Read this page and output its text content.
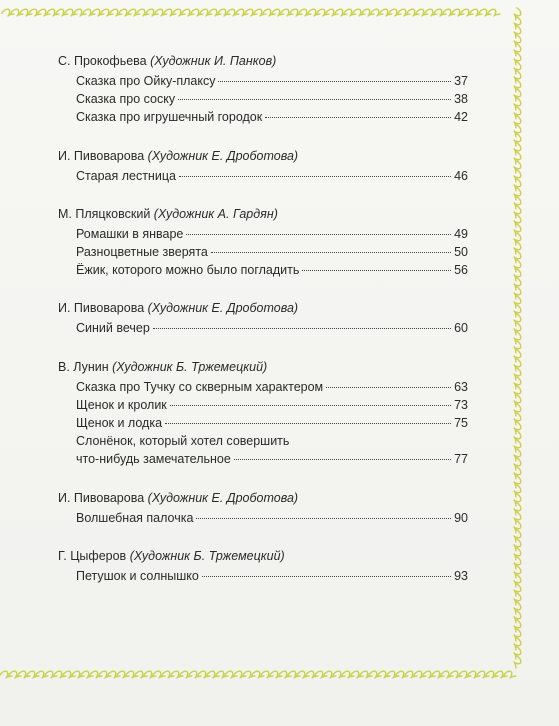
С. Прокофьева (Художник И. Панков)
Сказка про Ойку-плаксу	37
Сказка про соску	38
Сказка про игрушечный городок	42
И. Пивоварова (Художник Е. Дроботова)
Старая лестница	46
М. Пляцковский (Художник А. Гардян)
Ромашки в январе	49
Разноцветные зверята	50
Ёжик, которого можно было погладить	56
И. Пивоварова (Художник Е. Дроботова)
Синий вечер	60
В. Лунин (Художник Б. Тржемецкий)
Сказка про Тучку со скверным характером	63
Щенок и кролик	73
Щенок и лодка	75
Слонёнок, который хотел совершить
что-нибудь замечательное	77
И. Пивоварова (Художник Е. Дроботова)
Волшебная палочка	90
Г. Цыферов (Художник Б. Тржемецкий)
Петушок и солнышко	93
